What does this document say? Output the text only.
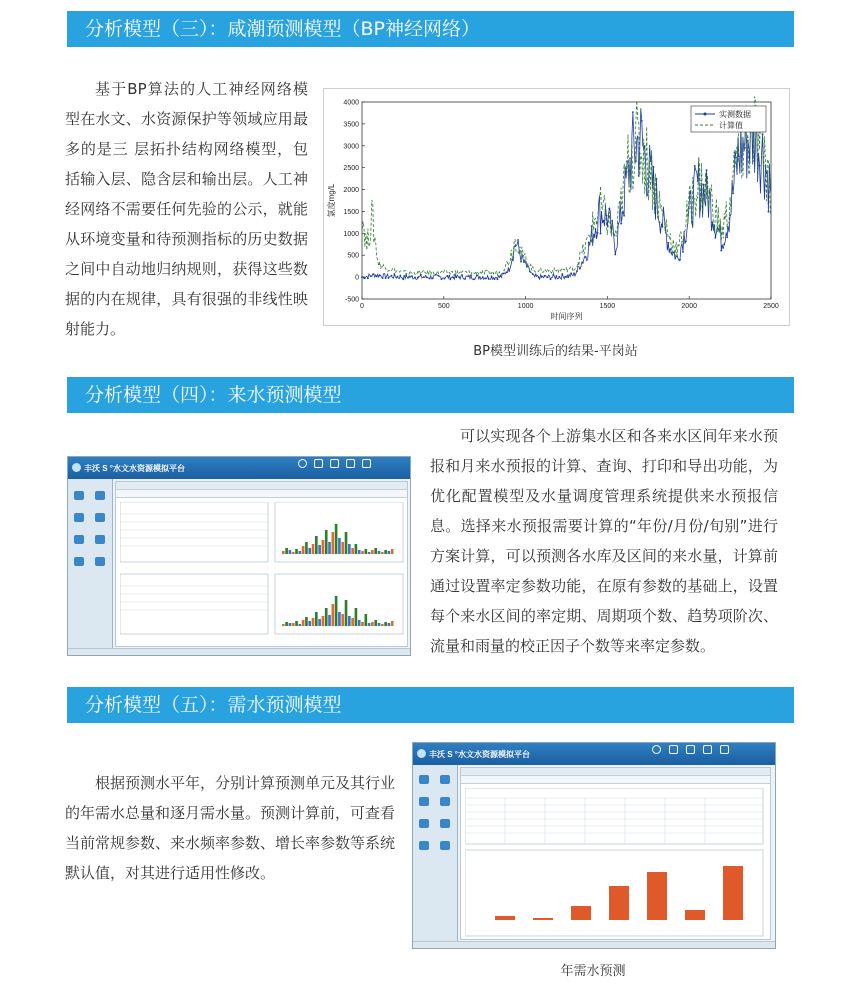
分析模型（三）：咸潮预测模型（BP神经网络）
分析模型（四）：来水预测模型
分析模型（五）：需水预测模型
基于BP算法的人工神经网络模型在水文、水资源保护等领域应用最多的是三 层拓扑结构网络模型，包括输入层、隐含层和输出层。人工神经网络不需要任何先验的公示，就能从环境变量和待预测指标的历史数据之间中自动地归纳规则，获得这些数据的内在规律，具有很强的非线性映射能力。
4000
3500
3000
2500
2000
1500
1000
500
0
-500
0	500	1000	1500	2000	2500
时间序列
氯度mg/L
实测数据
计算值
BP模型训练后的结果-平岗站
丰沃 S °水文水资源模拟平台
可以实现各个上游集水区和各来水区间年来水预报和月来水预报的计算、查询、打印和导出功能，为优化配置模型及水量调度管理系统提供来水预报信息。选择来水预报需要计算的“年份/月份/旬别”进行方案计算，可以预测各水库及区间的来水量，计算前通过设置率定参数功能，在原有参数的基础上，设置每个来水区间的率定期、周期项个数、趋势项阶次、流量和雨量的校正因子个数等来率定参数。
根据预测水平年，分别计算预测单元及其行业的年需水总量和逐月需水量。预测计算前，可查看当前常规参数、来水频率参数、增长率参数等系统默认值，对其进行适用性修改。
丰沃 S °水文水资源模拟平台
年需水预测
